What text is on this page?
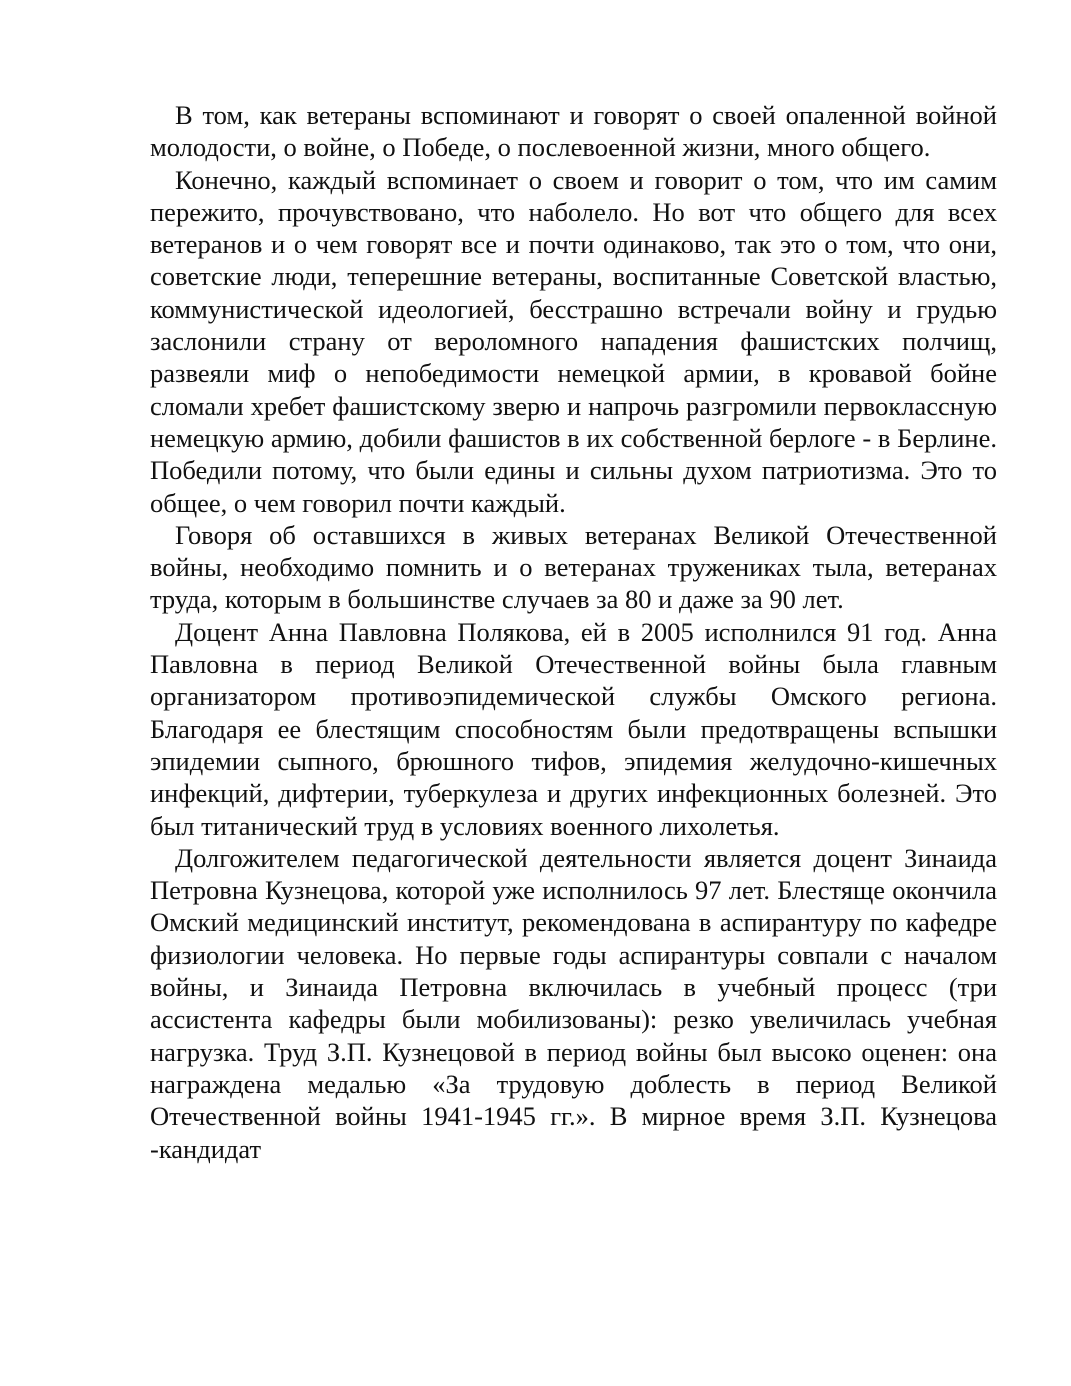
В том, как ветераны вспоминают и говорят о своей опаленной войной молодости, о войне, о Победе, о послевоенной жизни, много общего.

Конечно, каждый вспоминает о своем и говорит о том, что им самим пережито, прочувствовано, что наболело. Но вот что общего для всех ветеранов и о чем говорят все и почти одинаково, так это о том, что они, советские люди, теперешние ветераны, воспитанные Советской властью, коммунистической идеологией, бесстрашно встречали войну и грудью заслонили страну от вероломного нападения фашистских полчищ, развеяли миф о непобедимости немецкой армии, в кровавой бойне сломали хребет фашистскому зверю и напрочь разгромили первоклассную немецкую армию, добили фашистов в их собственной берлоге - в Берлине. Победили потому, что были едины и сильны духом патриотизма. Это то общее, о чем говорил почти каждый.

Говоря об оставшихся в живых ветеранах Великой Отечественной войны, необходимо помнить и о ветеранах тружениках тыла, ветеранах труда, которым в большинстве случаев за 80 и даже за 90 лет.

Доцент Анна Павловна Полякова, ей в 2005 исполнился 91 год. Анна Павловна в период Великой Отечественной войны была главным организатором противоэпидемической службы Омского региона. Благодаря ее блестящим способностям были предотвращены вспышки эпидемии сыпного, брюшного тифов, эпидемия желудочно-кишечных инфекций, дифтерии, туберкулеза и других инфекционных болезней. Это был титанический труд в условиях военного лихолетья.

Долгожителем педагогической деятельности является доцент Зинаида Петровна Кузнецова, которой уже исполнилось 97 лет. Блестяще окончила Омский медицинский институт, рекомендована в аспирантуру по кафедре физиологии человека. Но первые годы аспирантуры совпали с началом войны, и Зинаида Петровна включилась в учебный процесс (три ассистента кафедры были мобилизованы): резко увеличилась учебная нагрузка. Труд З.П. Кузнецовой в период войны был высоко оценен: она награждена медалью «За трудовую доблесть в период Великой Отечественной войны 1941-1945 гг.». В мирное время З.П. Кузнецова -кандидат
